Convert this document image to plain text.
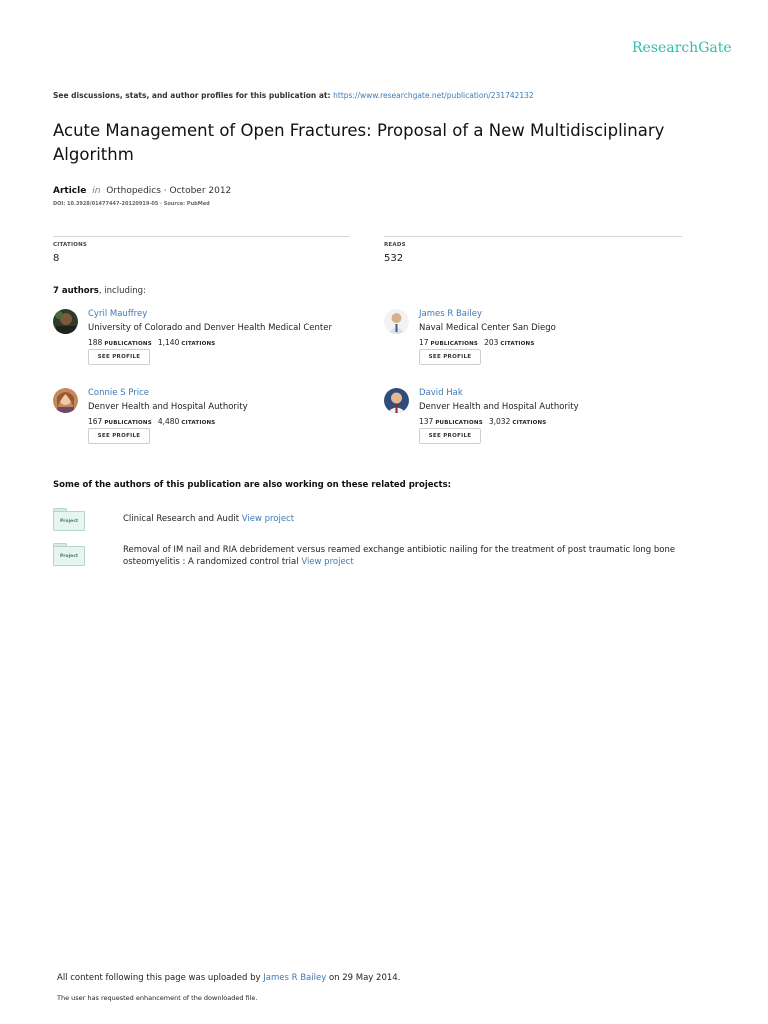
ResearchGate
See discussions, stats, and author profiles for this publication at: https://www.researchgate.net/publication/231742132
Acute Management of Open Fractures: Proposal of a New Multidisciplinary Algorithm
Article in Orthopedics · October 2012
DOI: 10.3928/01477447-20120919-05 · Source: PubMed
CITATIONS
8
READS
532
7 authors, including:
Cyril Mauffrey
University of Colorado and Denver Health Medical Center
188 PUBLICATIONS 1,140 CITATIONS
SEE PROFILE
James R Bailey
Naval Medical Center San Diego
17 PUBLICATIONS 203 CITATIONS
SEE PROFILE
Connie S Price
Denver Health and Hospital Authority
167 PUBLICATIONS 4,480 CITATIONS
SEE PROFILE
David Hak
Denver Health and Hospital Authority
137 PUBLICATIONS 3,032 CITATIONS
SEE PROFILE
Some of the authors of this publication are also working on these related projects:
Project	Clinical Research and Audit View project
Project
Removal of IM nail and RIA debridement versus reamed exchange antibiotic nailing for the treatment of post traumatic long bone osteomyelitis : A randomized control trial View project
All content following this page was uploaded by James R Bailey on 29 May 2014.
The user has requested enhancement of the downloaded file.
